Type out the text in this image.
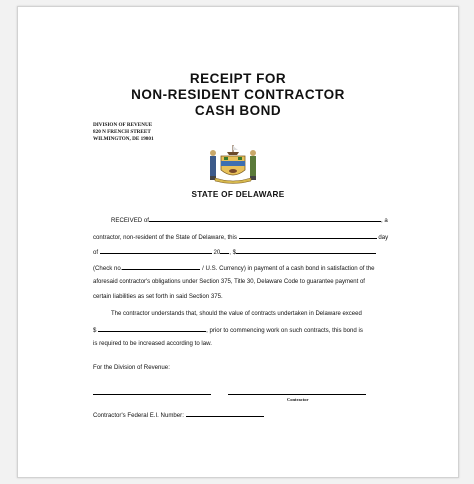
RECEIPT FOR
NON-RESIDENT CONTRACTOR
CASH BOND
DIVISION OF REVENUE
820 N FRENCH STREET
WILMINGTON, DE 19801
STATE OF DELAWARE
RECEIVED of	, a
contractor, non-resident of the State of Delaware, this	day
of	20 , $
(Check no.	/ U.S. Currency) in payment of a cash bond in satisfaction of the
aforesaid contractor's obligations under Section 375, Title 30, Delaware Code to guarantee payment of
certain liabilities as set forth in said Section 375.
The contractor understands that, should the value of contracts undertaken in Delaware exceed
$	, prior to commencing work on such contracts, this bond is
is required to be increased according to law.
For the Division of Revenue:
Contractor
Contractor's Federal E.I. Number:
